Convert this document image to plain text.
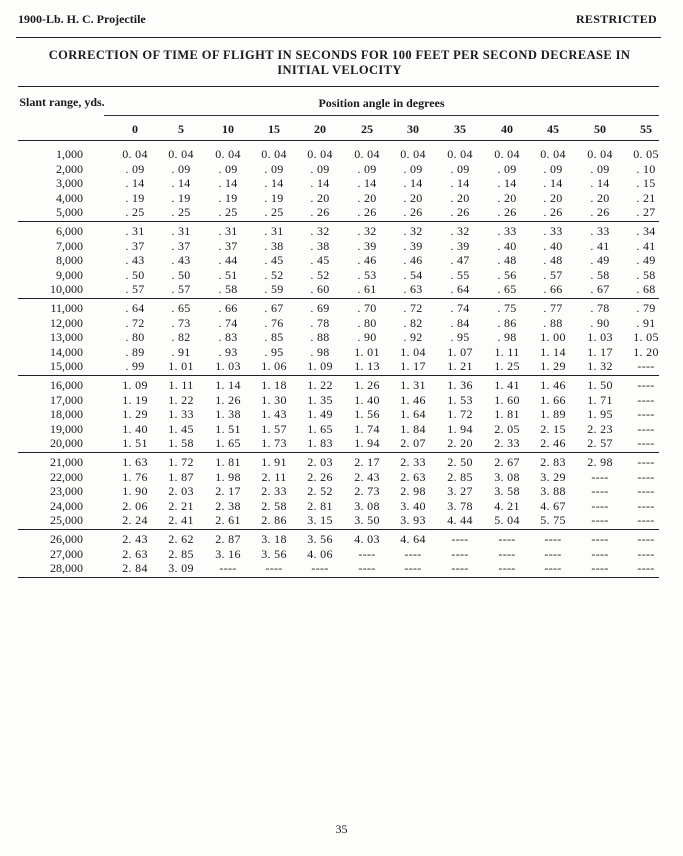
1900-Lb. H. C. Projectile	RESTRICTED
CORRECTION OF TIME OF FLIGHT IN SECONDS FOR 100 FEET PER SECOND DECREASE IN
INITIAL VELOCITY
Slant range, yds.	Position angle in degrees
0	5	10	15	20	25	30	35	40	45	50	55
1,000	0. 04	0. 04	0. 04	0. 04	0. 04	0. 04	0. 04	0. 04	0. 04	0. 04	0. 04	0. 05
2,000	. 09	. 09	. 09	. 09	. 09	. 09	. 09	. 09	. 09	. 09	. 09	. 10
3,000	. 14	. 14	. 14	. 14	. 14	. 14	. 14	. 14	. 14	. 14	. 14	. 15
4,000	. 19	. 19	. 19	. 19	. 20	. 20	. 20	. 20	. 20	. 20	. 20	. 21
5,000	. 25	. 25	. 25	. 25	. 26	. 26	. 26	. 26	. 26	. 26	. 26	. 27
6,000	. 31	. 31	. 31	. 31	. 32	. 32	. 32	. 32	. 33	. 33	. 33	. 34
7,000	. 37	. 37	. 37	. 38	. 38	. 39	. 39	. 39	. 40	. 40	. 41	. 41
8,000	. 43	. 43	. 44	. 45	. 45	. 46	. 46	. 47	. 48	. 48	. 49	. 49
9,000	. 50	. 50	. 51	. 52	. 52	. 53	. 54	. 55	. 56	. 57	. 58	. 58
10,000	. 57	. 57	. 58	. 59	. 60	. 61	. 63	. 64	. 65	. 66	. 67	. 68
11,000	. 64	. 65	. 66	. 67	. 69	. 70	. 72	. 74	. 75	. 77	. 78	. 79
12,000	. 72	. 73	. 74	. 76	. 78	. 80	. 82	. 84	. 86	. 88	. 90	. 91
13,000	. 80	. 82	. 83	. 85	. 88	. 90	. 92	. 95	. 98	1. 00	1. 03	1. 05
14,000	. 89	. 91	. 93	. 95	. 98	1. 01	1. 04	1. 07	1. 11	1. 14	1. 17	1. 20
15,000	. 99	1. 01	1. 03	1. 06	1. 09	1. 13	1. 17	1. 21	1. 25	1. 29	1. 32	----
16,000	1. 09	1. 11	1. 14	1. 18	1. 22	1. 26	1. 31	1. 36	1. 41	1. 46	1. 50	----
17,000	1. 19	1. 22	1. 26	1. 30	1. 35	1. 40	1. 46	1. 53	1. 60	1. 66	1. 71	----
18,000	1. 29	1. 33	1. 38	1. 43	1. 49	1. 56	1. 64	1. 72	1. 81	1. 89	1. 95	----
19,000	1. 40	1. 45	1. 51	1. 57	1. 65	1. 74	1. 84	1. 94	2. 05	2. 15	2. 23	----
20,000	1. 51	1. 58	1. 65	1. 73	1. 83	1. 94	2. 07	2. 20	2. 33	2. 46	2. 57	----
21,000	1. 63	1. 72	1. 81	1. 91	2. 03	2. 17	2. 33	2. 50	2. 67	2. 83	2. 98	----
22,000	1. 76	1. 87	1. 98	2. 11	2. 26	2. 43	2. 63	2. 85	3. 08	3. 29	----	----
23,000	1. 90	2. 03	2. 17	2. 33	2. 52	2. 73	2. 98	3. 27	3. 58	3. 88	----	----
24,000	2. 06	2. 21	2. 38	2. 58	2. 81	3. 08	3. 40	3. 78	4. 21	4. 67	----	----
25,000	2. 24	2. 41	2. 61	2. 86	3. 15	3. 50	3. 93	4. 44	5. 04	5. 75	----	----
26,000	2. 43	2. 62	2. 87	3. 18	3. 56	4. 03	4. 64	----	----	----	----	----
27,000	2. 63	2. 85	3. 16	3. 56	4. 06	----	----	----	----	----	----	----
28,000	2. 84	3. 09	----	----	----	----	----	----	----	----	----	----
35
